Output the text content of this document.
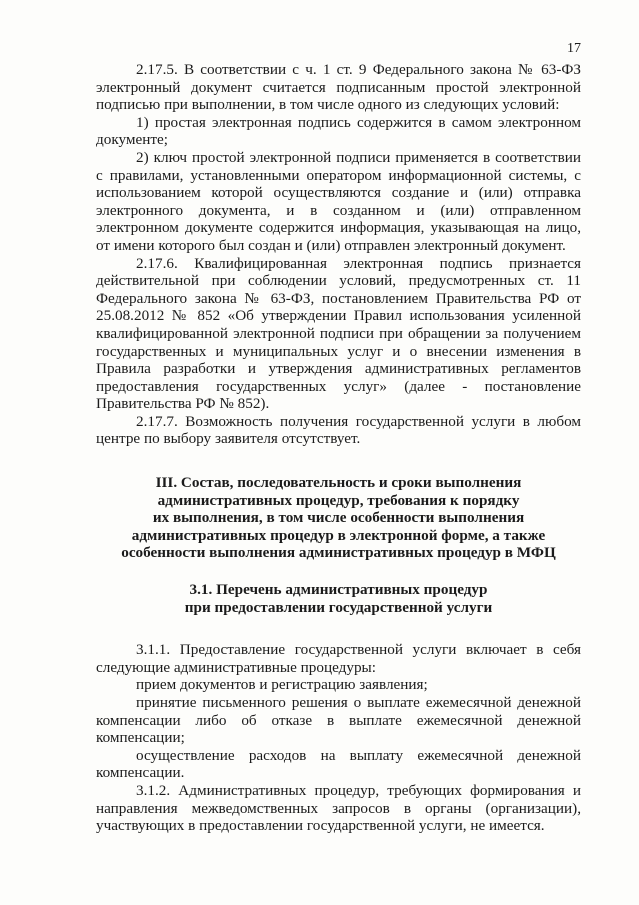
17

2.17.5. В соответствии с ч. 1 ст. 9 Федерального закона № 63-ФЗ электронный документ считается подписанным простой электронной подписью при выполнении, в том числе одного из следующих условий:

1) простая электронная подпись содержится в самом электронном документе;

2) ключ простой электронной подписи применяется в соответствии с правилами, установленными оператором информационной системы, с использованием которой осуществляются создание и (или) отправка электронного документа, и в созданном и (или) отправленном электронном документе содержится информация, указывающая на лицо, от имени которого был создан и (или) отправлен электронный документ.

2.17.6. Квалифицированная электронная подпись признается действительной при соблюдении условий, предусмотренных ст. 11 Федерального закона № 63-ФЗ, постановлением Правительства РФ от 25.08.2012 № 852 «Об утверждении Правил использования усиленной квалифицированной электронной подписи при обращении за получением государственных и муниципальных услуг и о внесении изменения в Правила разработки и утверждения административных регламентов предоставления государственных услуг» (далее - постановление Правительства РФ № 852).

2.17.7. Возможность получения государственной услуги в любом центре по выбору заявителя отсутствует.

III. Состав, последовательность и сроки выполнения
административных процедур, требования к порядку
их выполнения, в том числе особенности выполнения
административных процедур в электронной форме, а также
особенности выполнения административных процедур в МФЦ
3.1. Перечень административных процедур
при предоставлении государственной услуги

3.1.1. Предоставление государственной услуги включает в себя следующие административные процедуры:

прием документов и регистрацию заявления;

принятие письменного решения о выплате ежемесячной денежной компенсации либо об отказе в выплате ежемесячной денежной компенсации;

осуществление расходов на выплату ежемесячной денежной компенсации.

3.1.2. Административных процедур, требующих формирования и направления межведомственных запросов в органы (организации), участвующих в предоставлении государственной услуги, не имеется.
